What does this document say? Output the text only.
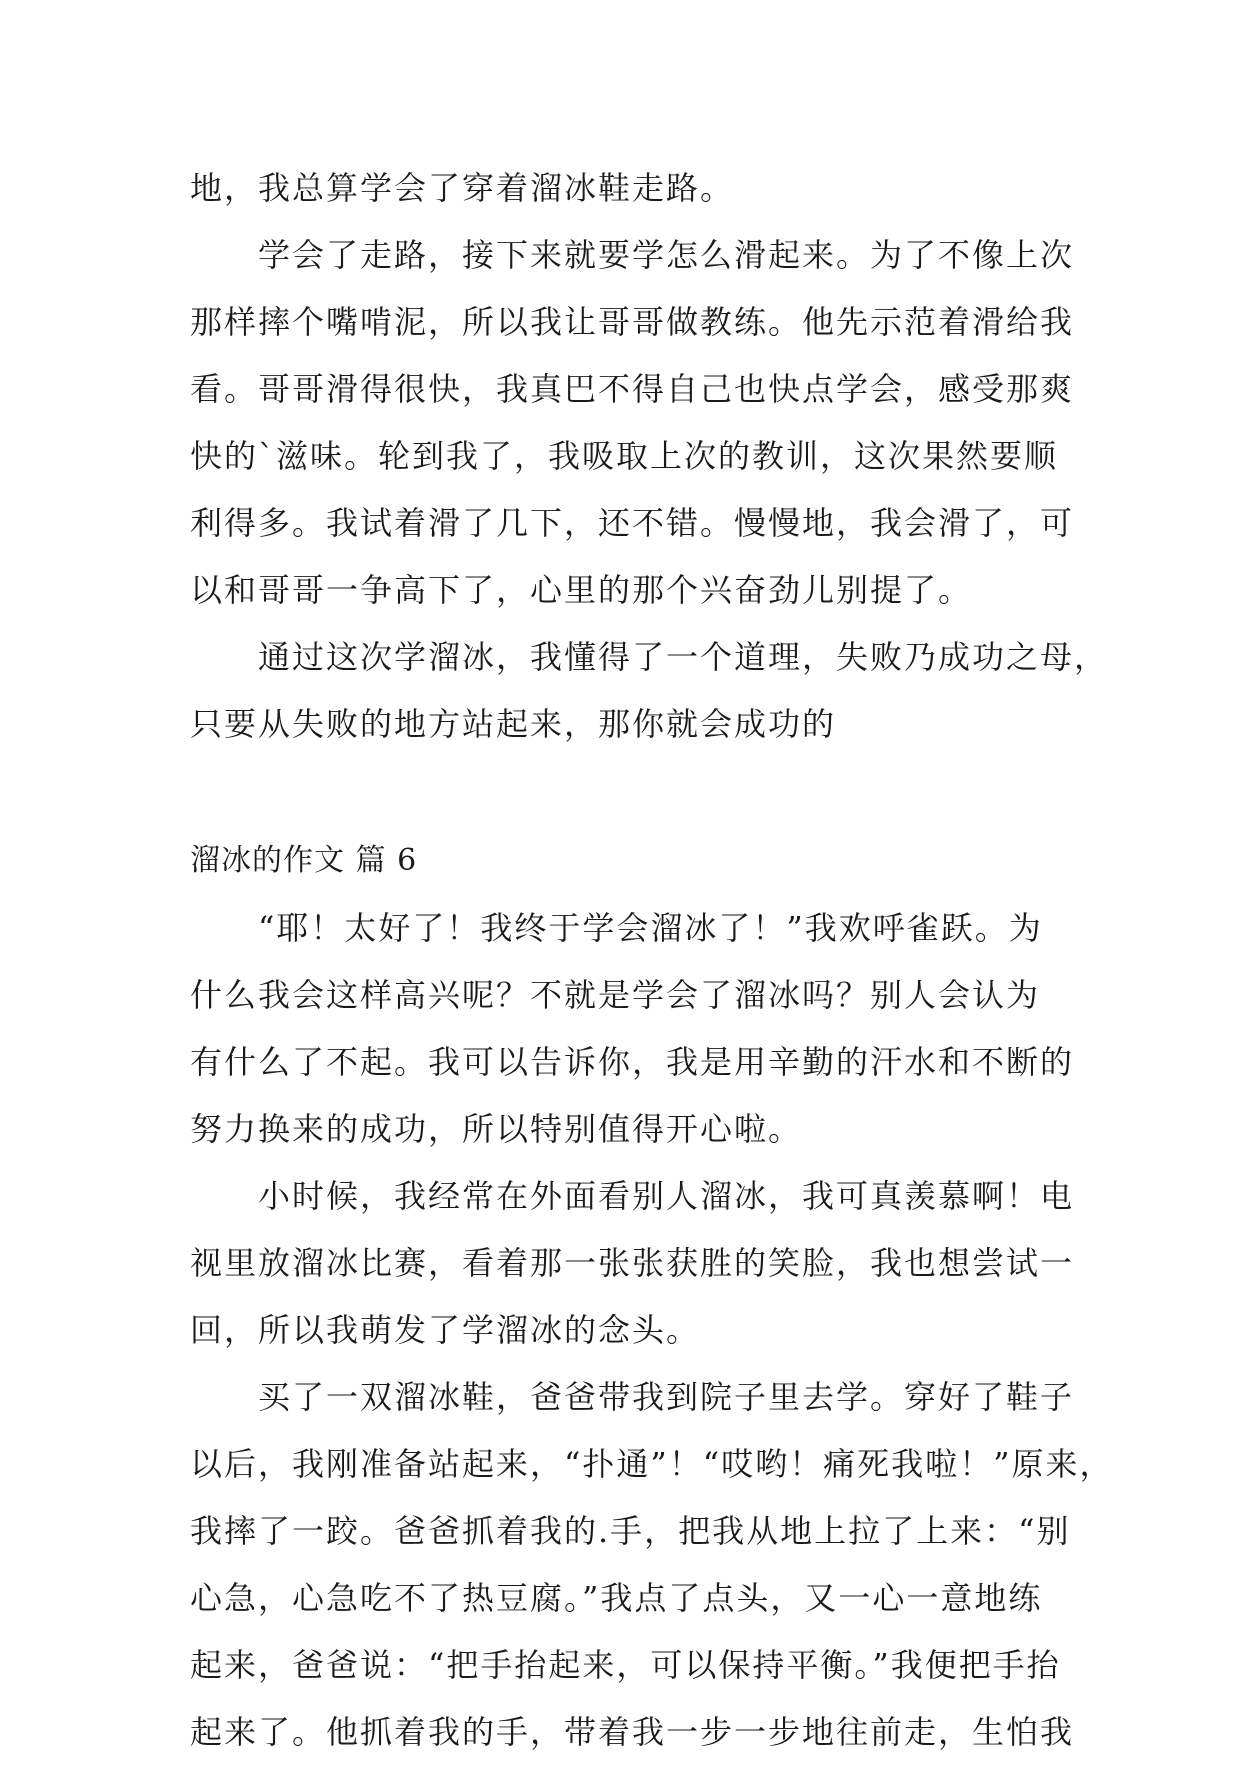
地，我总算学会了穿着溜冰鞋走路。
学会了走路，接下来就要学怎么滑起来。为了不像上次
那样摔个嘴啃泥，所以我让哥哥做教练。他先示范着滑给我
看。哥哥滑得很快，我真巴不得自己也快点学会，感受那爽
快的`滋味。轮到我了，我吸取上次的教训，这次果然要顺
利得多。我试着滑了几下，还不错。慢慢地，我会滑了，可
以和哥哥一争高下了，心里的那个兴奋劲儿别提了。
通过这次学溜冰，我懂得了一个道理，失败乃成功之母，
只要从失败的地方站起来，那你就会成功的
溜冰的作文 篇 6
“耶！太好了！我终于学会溜冰了！”我欢呼雀跃。为
什么我会这样高兴呢？不就是学会了溜冰吗？别人会认为
有什么了不起。我可以告诉你，我是用辛勤的汗水和不断的
努力换来的成功，所以特别值得开心啦。
小时候，我经常在外面看别人溜冰，我可真羡慕啊！电
视里放溜冰比赛，看着那一张张获胜的笑脸，我也想尝试一
回，所以我萌发了学溜冰的念头。
买了一双溜冰鞋，爸爸带我到院子里去学。穿好了鞋子
以后，我刚准备站起来，“扑通”！“哎哟！痛死我啦！”原来，
我摔了一跤。爸爸抓着我的.手，把我从地上拉了上来：“别
心急，心急吃不了热豆腐。”我点了点头，又一心一意地练
起来，爸爸说：“把手抬起来，可以保持平衡。”我便把手抬
起来了。他抓着我的手，带着我一步一步地往前走，生怕我
